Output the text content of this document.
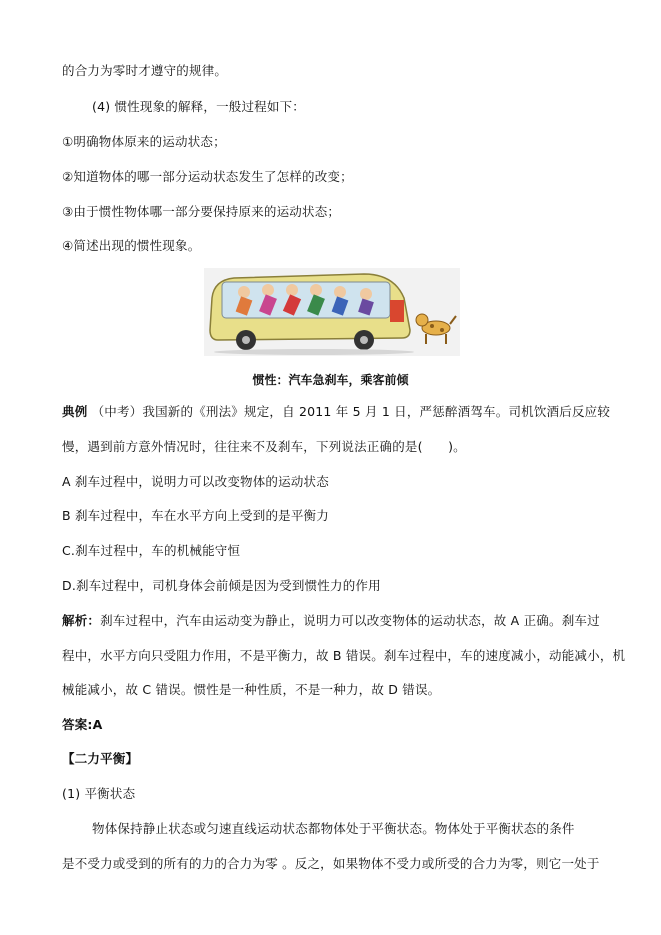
的合力为零时才遵守的规律。
(4) 惯性现象的解释，一般过程如下：
①明确物体原来的运动状态；
②知道物体的哪一部分运动状态发生了怎样的改变；
③由于惯性物体哪一部分要保持原来的运动状态；
④简述出现的惯性现象。
惯性：汽车急刹车，乘客前倾
典例 （中考）我国新的《刑法》规定，自 2011 年 5 月 1 日，严惩醉酒驾车。司机饮酒后反应较
慢，遇到前方意外情况时，往往来不及刹车，下列说法正确的是(　　)。
A 刹车过程中，说明力可以改变物体的运动状态
B 刹车过程中，车在水平方向上受到的是平衡力
C.刹车过程中，车的机械能守恒
D.刹车过程中，司机身体会前倾是因为受到惯性力的作用
解析：刹车过程中，汽车由运动变为静止，说明力可以改变物体的运动状态，故 A 正确。刹车过
程中，水平方向只受阻力作用，不是平衡力，故 B 错误。刹车过程中，车的速度减小，动能减小，机
械能减小，故 C 错误。惯性是一种性质，不是一种力，故 D 错误。
答案:A
【二力平衡】
(1) 平衡状态
物体保持静止状态或匀速直线运动状态都物体处于平衡状态。物体处于平衡状态的条件
是不受力或受到的所有的力的合力为零 。反之，如果物体不受力或所受的合力为零，则它一处于
